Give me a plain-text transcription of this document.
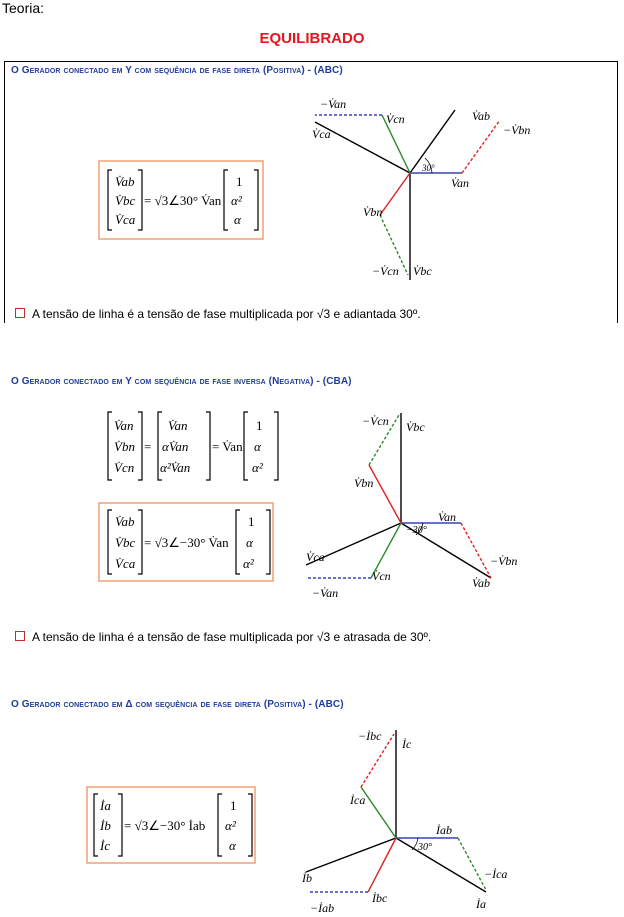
Teoria:
EQUILIBRADO
O Gerador conectado em Y com sequência de fase direta (Positiva) - (ABC)
V̇ab
V̇bc
V̇ca
= √3∠30° V̇an
1
α²
α
−V̇an
V̇cn	V̇ab
−V̇bn
V̇ca
30°
V̇an
V̇bn
−V̇cn V̇bc
A tensão de linha é a tensão de fase multiplicada por √3 e adiantada 30º.
O Gerador conectado em Y com sequência de fase inversa (Negativa) - (CBA)
V̇an
V̇bn
V̇cn
=
V̇an
αV̇an
α²V̇an
= V̇an
1
α
α²
V̇ab
V̇bc
V̇ca
= √3∠−30° V̇an
1
α
α²
−V̇cn V̇bc
V̇bn
V̇an
−30°
V̇ca
V̇cn
−V̇bn
V̇ab
−V̇an
A tensão de linha é a tensão de fase multiplicada por √3 e atrasada de 30º.
O Gerador conectado em Δ com sequência de fase direta (Positiva) - (ABC)
İa
İb
İc
= √3∠−30° İab
1
α²
α
−İbc
İc
İca
İab
30°
−İca
İb
İbc	İa
−İab
